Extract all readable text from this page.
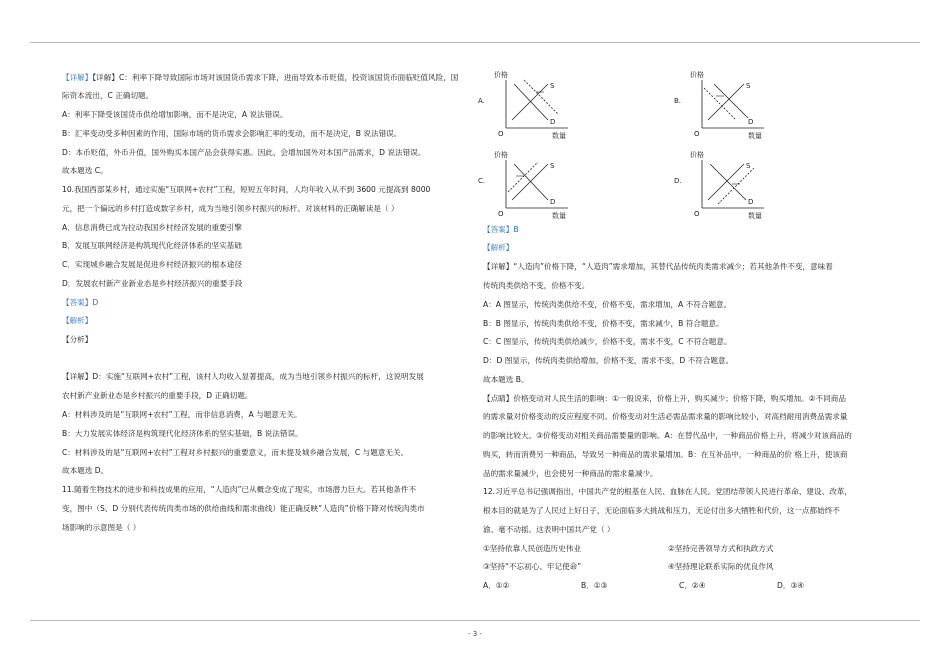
【详解】【详解】C：利率下降导致国际市场对该国货币需求下降，进而导致本币贬值，投资该国货币面临贬值风险，国
际资本流出，C 正确切题。
A：利率下降受该国货币供给增加影响，而不是决定，A 说法错误。
B：汇率变动受多种因素的作用，国际市场的货币需求会影响汇率的变动，而不是决定，B 说法错误。
D：本币贬值，外币升值，国外购买本国产品会获得实惠。因此，会增加国外对本国产品需求，D 说法错误。
故本题选 C。
10.我国西部某乡村，通过实施“互联网+农村”工程，短短五年时间，人均年收入从不到 3600 元提高到 8000
元，把一个偏远的乡村打造成数字乡村，成为当地引领乡村振兴的标杆。对该材料的正确解读是（ ）
A．信息消费已成为拉动我国乡村经济发展的重要引擎
B．发展互联网经济是构筑现代化经济体系的坚实基础
C．实现城乡融合发展是促进乡村经济振兴的根本途径
D．发展农村新产业新业态是乡村经济振兴的重要手段
【答案】D
【解析】
【分析】
【详解】D：实施“互联网+农村”工程，该村人均收入显著提高，成为当地引领乡村振兴的标杆，这说明发展
农村新产业新业态是乡村振兴的重要手段，D 正确切题。
A：材料涉及的是“互联网+农村”工程，而非信息消费，A 与题意无关。
B：大力发展实体经济是构筑现代化经济体系的坚实基础，B 说法错误。
C：材料涉及的是“互联网+农村”工程对乡村振兴的重要意义，而未提及城乡融合发展，C 与题意无关。
故本题选 D。
11.随着生物技术的进步和科技成果的应用，“人造肉”已从概念变成了现实，市场潜力巨大。若其他条件不
变，图中（S、D 分别代表传统肉类市场的供给曲线和需求曲线）能正确反映“人造肉”价格下降对传统肉类市
场影响的示意图是（ ）
A.
价格
O	数量
S
D
B.
价格
O	数量
S
D
C.
价格
O	数量
S
D
D.
价格
O	数量
S
D
【答案】B
【解析】
【详解】“人造肉”价格下降，“人造肉”需求增加，其替代品传统肉类需求减少；若其他条件不变，意味着
传统肉类供给不变，价格不变。
A：A 图显示，传统肉类供给不变，价格不变，需求增加，A 不符合题意。
B：B 图显示，传统肉类供给不变，价格不变，需求减少，B 符合题意。
C：C 图显示，传统肉类供给减少，价格不变，需求不变，C 不符合题意。
D：D 图显示，传统肉类供给增加，价格不变，需求不变，D 不符合题意。
故本题选 B。
【点睛】价格变动对人民生活的影响：①一般说来，价格上升，购买减少；价格下降，购买增加。②不同商品
的需求量对价格变动的反应程度不同。价格变动对生活必需品需求量的影响比较小，对高档耐用消费品需求量
的影响比较大。③价格变动对相关商品需要量的影响。A：在替代品中，一种商品价格上升，将减少对该商品的
购买，转而消费另一种商品，导致另一种商品的需求量增加。B：在互补品中，一种商品的价 格上升，使该商
品的需求量减少，也会使另一种商品的需求量减少。
12.习近平总书记强调指出，中国共产党的根基在人民、血脉在人民。党团结带领人民进行革命、建设、改革，
根本目的就是为了人民过上好日子，无论面临多大挑战和压力，无论付出多大牺牲和代价，这一点都始终不
渝、毫不动摇。这表明中国共产党（ ）
①坚持依靠人民创造历史伟业	②坚持完善领导方式和执政方式
③坚持“不忘初心、牢记使命”	④坚持理论联系实际的优良作风
A．①②	B．①③	C．②④	D．③④
- 3 -
